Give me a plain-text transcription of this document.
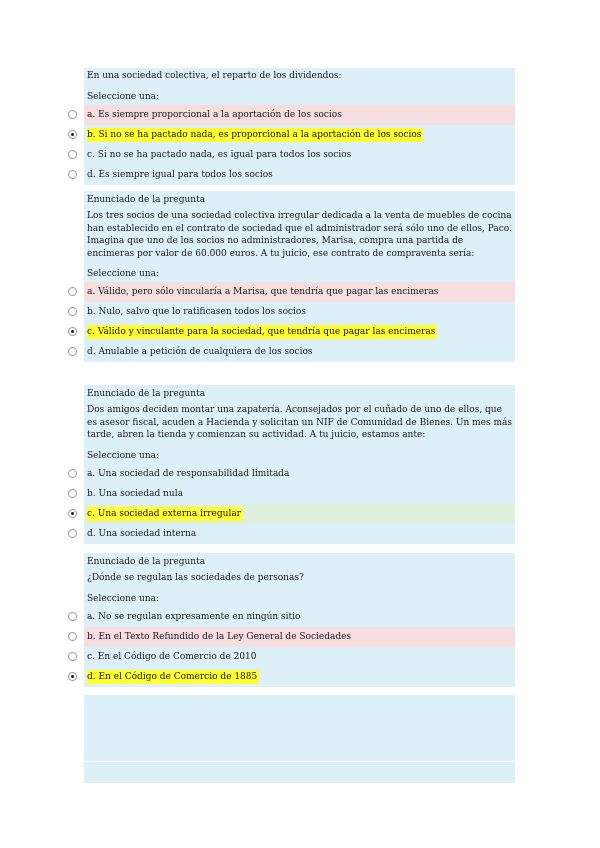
En una sociedad colectiva, el reparto de los dividendos:
Seleccione una:
a. Es siempre proporcional a la aportación de los socios
b. Si no se ha pactado nada, es proporcional a la aportación de los socios
c. Si no se ha pactado nada, es igual para todos los socios
d. Es siempre igual para todos los socios
Enunciado de la pregunta
Los tres socios de una sociedad colectiva irregular dedicada a la venta de muebles de cocina han establecido en el contrato de sociedad que el administrador será sólo uno de ellos, Paco. Imagina que uno de los socios no administradores, Marisa, compra una partida de encimeras por valor de 60.000 euros. A tu juicio, ese contrato de compraventa sería:
Seleccione una:
a. Válido, pero sólo vincularía a Marisa, que tendría que pagar las encimeras
b. Nulo, salvo que lo ratificasen todos los socios
c. Válido y vinculante para la sociedad, que tendría que pagar las encimeras
d. Anulable a petición de cualquiera de los socios
Enunciado de la pregunta
Dos amigos deciden montar una zapatería. Aconsejados por el cuñado de uno de ellos, que es asesor fiscal, acuden a Hacienda y solicitan un NIF de Comunidad de Bienes. Un mes más tarde, abren la tienda y comienzan su actividad. A tu juicio, estamos ante:
Seleccione una:
a. Una sociedad de responsabilidad limitada
b. Una sociedad nula
c. Una sociedad externa irregular
d. Una sociedad interna
Enunciado de la pregunta
¿Dónde se regulan las sociedades de personas?
Seleccione una:
a. No se regulan expresamente en ningún sitio
b. En el Texto Refundido de la Ley General de Sociedades
c. En el Código de Comercio de 2010
d. En el Código de Comercio de 1885
